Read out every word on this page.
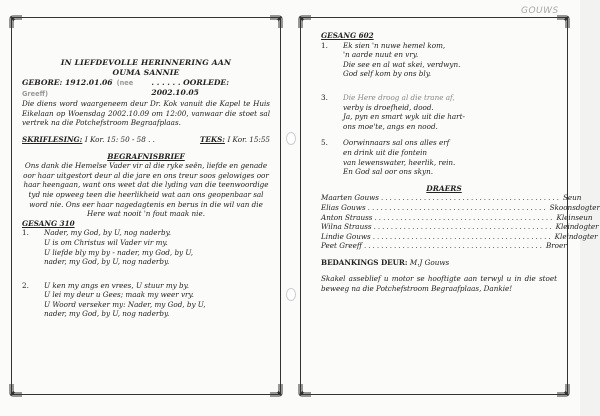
GOUWS
IN LIEFDEVOLLE HERINNERING AAN
OUMA SANNIE
GEBORE: 1912.01.06 (nee Greeff)
. . . . . . OORLEDE: 2002.10.05
Die diens word waargeneem deur Dr. Kok vanuit die Kapel te Huis Eikelaan op Woensdag 2002.10.09 om 12:00, vanwaar die stoet sal vertrek na die Potchefstroom Begraafplaas.
SKRIFLESING: I Kor. 15: 50 - 58 . .	TEKS: I Kor. 15:55
BEGRAFNISBRIEF
Ons dank die Hemelse Vader vir al die ryke seën, liefde en genade oor haar uitgestort deur al die jare en ons treur soos gelowiges oor haar heengaan, want ons weet dat die lyding van die teenwoordige tyd nie opweeg teen die heerlikheid wat aan ons geopenbaar sal word nie. Ons eer haar nagedagtenis en berus in die wil van die Here wat nooit 'n fout maak nie.
GESANG 310
1.	Nader, my God, by U, nog naderby.
U is om Christus wil Vader vir my.
U liefde bly my by - nader, my God, by U,
nader, my God, by U, nog naderby.
2.	U ken my angs en vrees, U stuur my by.
U lei my deur u Gees; maak my weer vry.
U Woord verseker my: Nader, my God, by U,
nader, my God, by U, nog naderby.
GESANG 602
1.	Ek sien 'n nuwe hemel kom,
'n aarde nuut en vry.
Die see en al wat skei, verdwyn.
God self kom by ons bly.
3.	Die Here droog al die trane af,
verby is droefheid, dood.
Ja, pyn en smart wyk uit die hart-
ons moe'te, angs en nood.
5.	Oorwinnaars sal ons alles erf
en drink uit die fontein
van lewenswater, heerlik, rein.
En God sal oor ons skyn.
DRAERS
Maarten Gouws .......................................... Seun
Elias Gouws .......................................... Skoonsdogter
Anton Strauss .......................................... Kleinseun
Wilna Strauss .......................................... Kleindogter
Lindie Gouws .......................................... Kleindogter
Peet Greeff .......................................... Broer
BEDANKINGS DEUR: M.J Gouws
Skakel asseblief u motor se hooftigte aan terwyl u in die stoet beweeg na die Potchefstroom Begraafplaas, Dankie!
